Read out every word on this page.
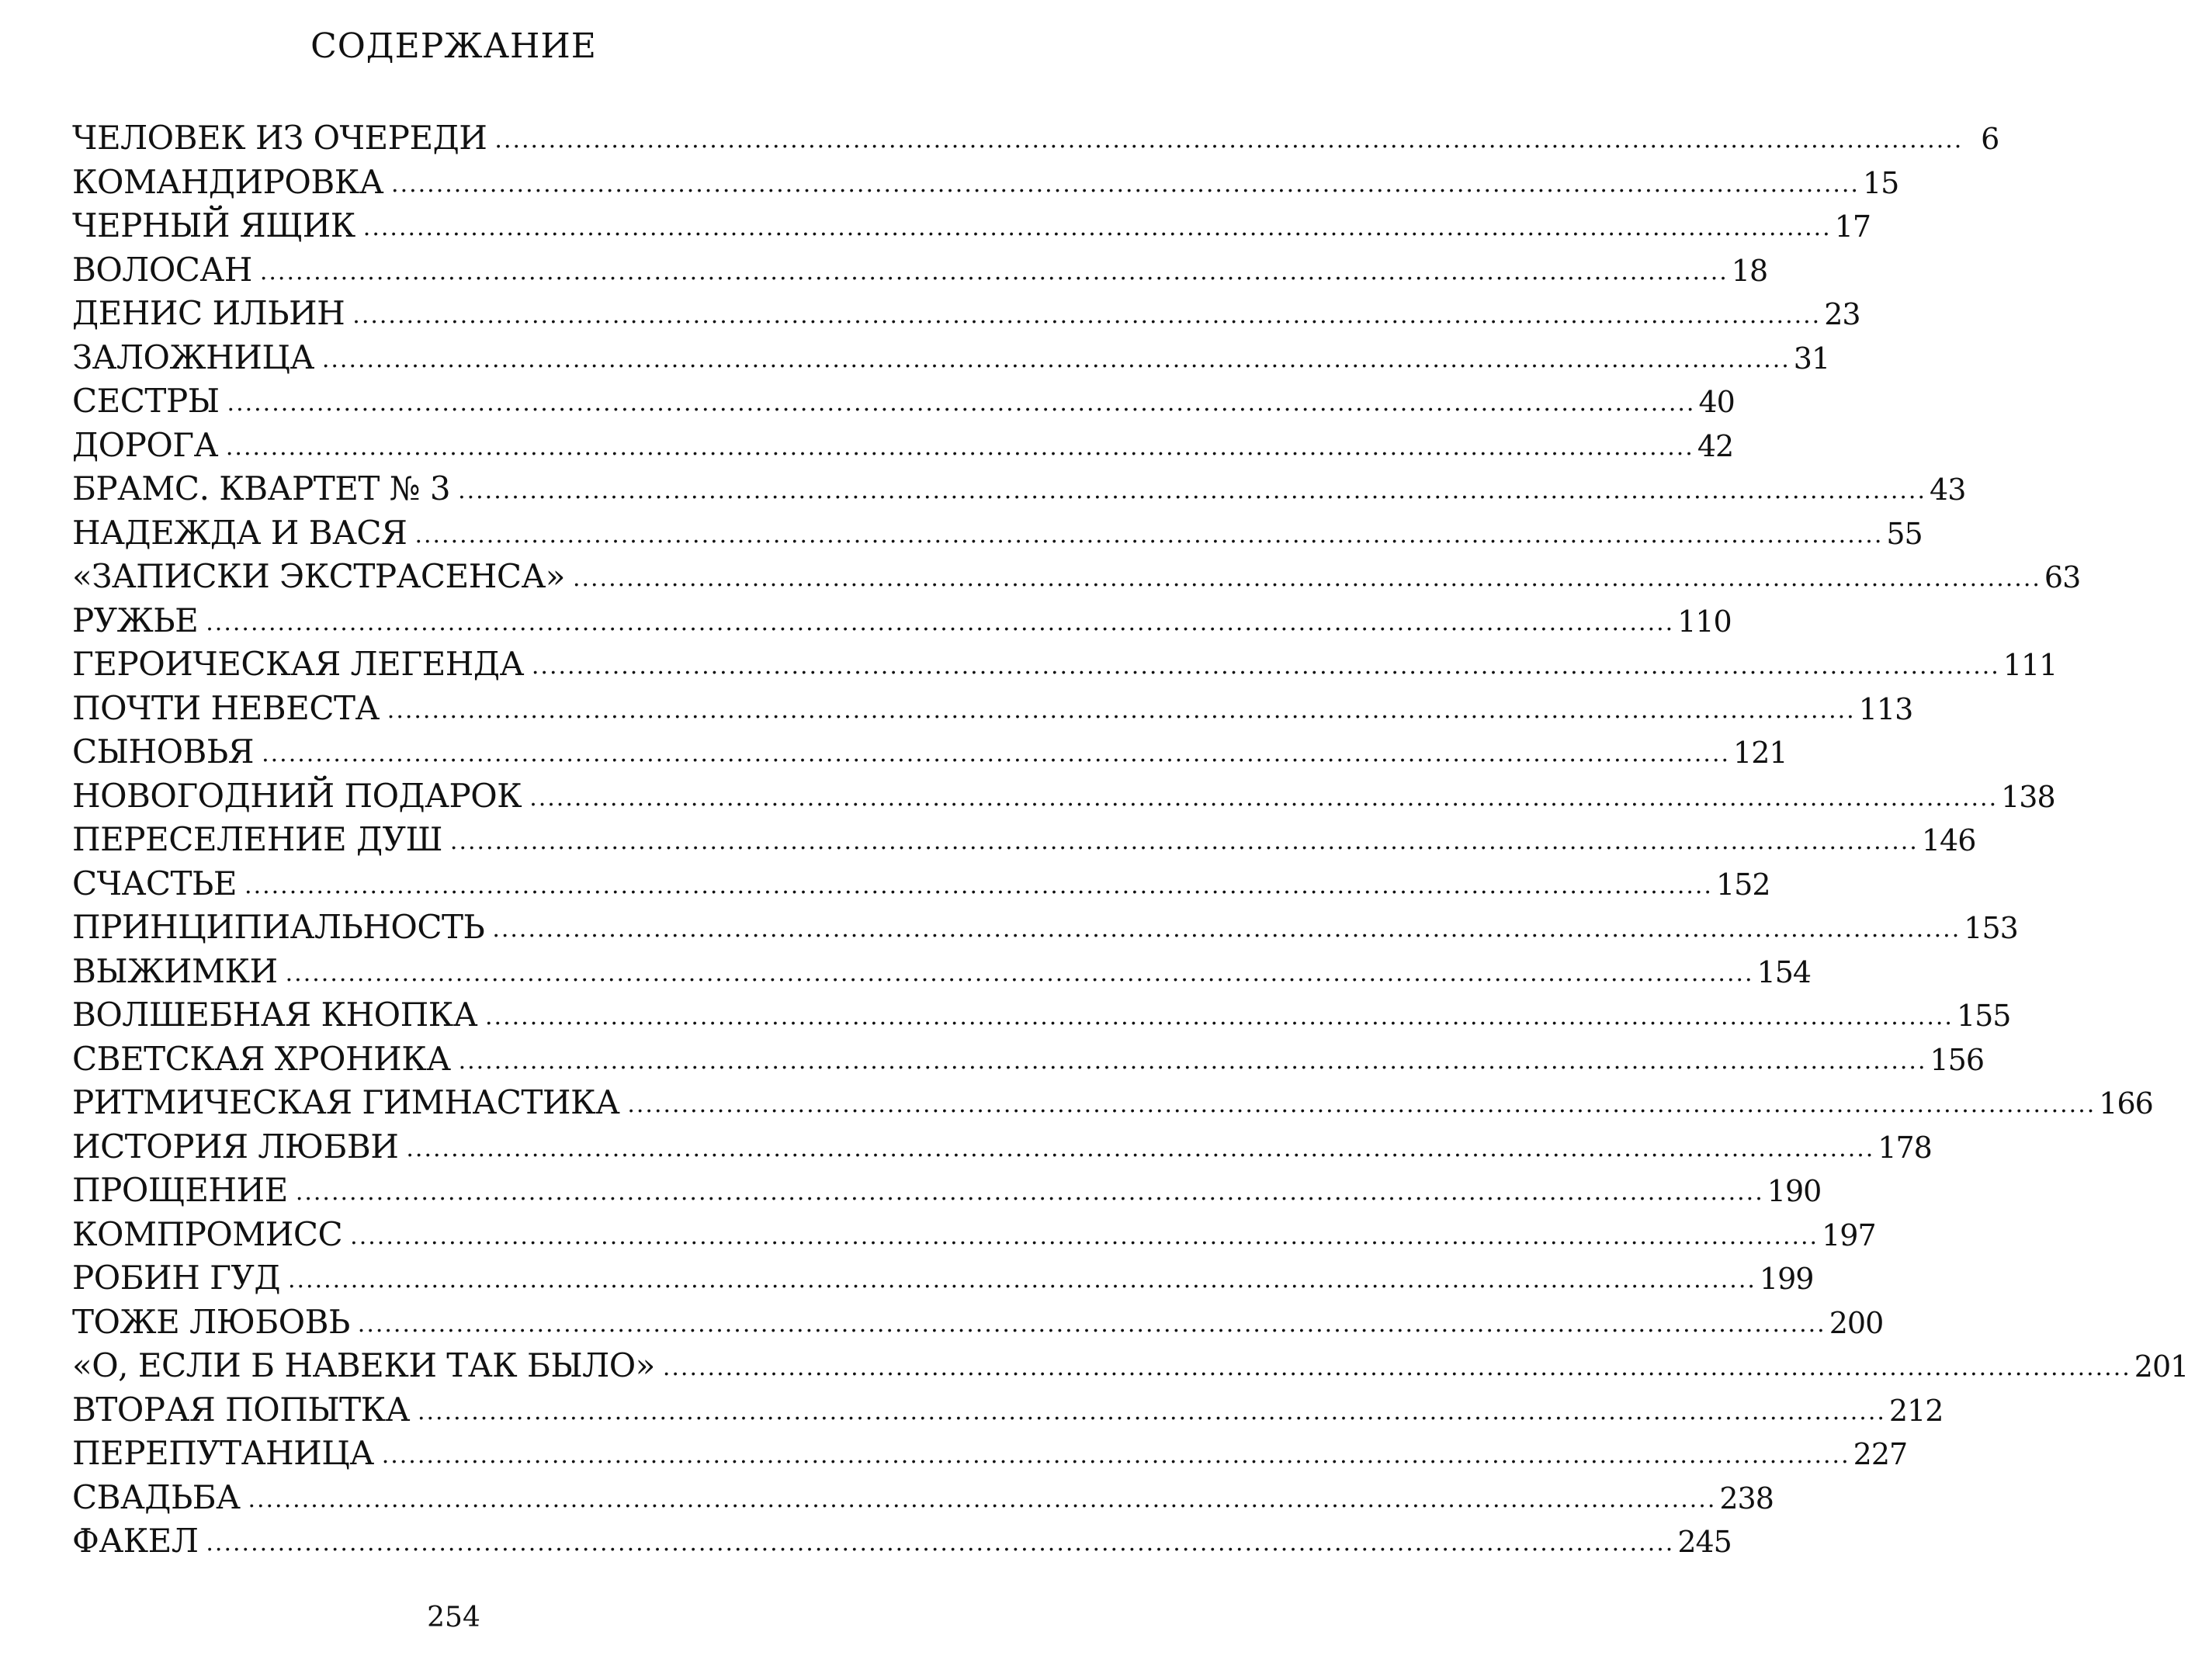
СОДЕРЖАНИЕ
ЧЕЛОВЕК ИЗ ОЧЕРЕДИ .................................................................................................................................................................... 6
КОМАНДИРОВКА .................................................................................................................................................................... 15
ЧЕРНЫЙ ЯЩИК .................................................................................................................................................................... 17
ВОЛОСАН .................................................................................................................................................................... 18
ДЕНИС ИЛЬИН .................................................................................................................................................................... 23
ЗАЛОЖНИЦА .................................................................................................................................................................... 31
СЕСТРЫ .................................................................................................................................................................... 40
ДОРОГА .................................................................................................................................................................... 42
БРАМС. КВАРТЕТ № 3 .................................................................................................................................................................... 43
НАДЕЖДА И ВАСЯ .................................................................................................................................................................... 55
«ЗАПИСКИ ЭКСТРАСЕНСА» .................................................................................................................................................................... 63
РУЖЬЕ .................................................................................................................................................................... 110
ГЕРОИЧЕСКАЯ ЛЕГЕНДА .................................................................................................................................................................... 111
ПОЧТИ НЕВЕСТА .................................................................................................................................................................... 113
СЫНОВЬЯ .................................................................................................................................................................... 121
НОВОГОДНИЙ ПОДАРОК .................................................................................................................................................................... 138
ПЕРЕСЕЛЕНИЕ ДУШ .................................................................................................................................................................... 146
СЧАСТЬЕ .................................................................................................................................................................... 152
ПРИНЦИПИАЛЬНОСТЬ .................................................................................................................................................................... 153
ВЫЖИМКИ .................................................................................................................................................................... 154
ВОЛШЕБНАЯ КНОПКА .................................................................................................................................................................... 155
СВЕТСКАЯ ХРОНИКА .................................................................................................................................................................... 156
РИТМИЧЕСКАЯ ГИМНАСТИКА .................................................................................................................................................................... 166
ИСТОРИЯ ЛЮБВИ .................................................................................................................................................................... 178
ПРОЩЕНИЕ .................................................................................................................................................................... 190
КОМПРОМИСС .................................................................................................................................................................... 197
РОБИН ГУД .................................................................................................................................................................... 199
ТОЖЕ ЛЮБОВЬ .................................................................................................................................................................... 200
«О, ЕСЛИ Б НАВЕКИ ТАК БЫЛО» .................................................................................................................................................................... 201
ВТОРАЯ ПОПЫТКА .................................................................................................................................................................... 212
ПЕРЕПУТАНИЦА .................................................................................................................................................................... 227
СВАДЬБА .................................................................................................................................................................... 238
ФАКЕЛ .................................................................................................................................................................... 245
254
